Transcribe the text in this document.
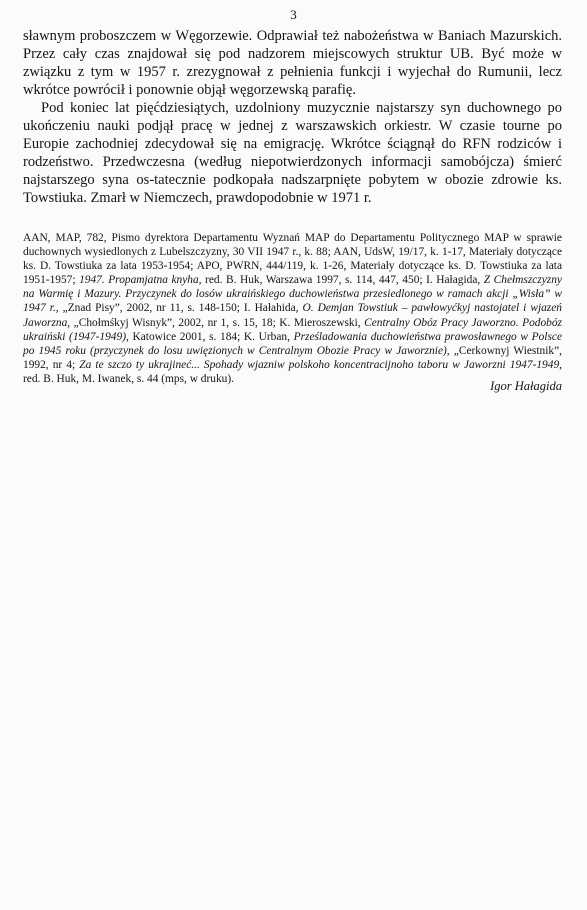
3

sławnym proboszczem w Węgorzewie. Odprawiał też nabożeństwa w Baniach Mazurskich. Przez cały czas znajdował się pod nadzorem miejscowych struktur UB. Być może w związku z tym w 1957 r. zrezygnował z pełnienia funkcji i wyjechał do Rumunii, lecz wkrótce powrócił i ponownie objął węgorzewską parafię.

Pod koniec lat pięćdziesiątych, uzdolniony muzycznie najstarszy syn duchownego po ukończeniu nauki podjął pracę w jednej z warszawskich orkiestr. W czasie tourne po Europie zachodniej zdecydował się na emigrację. Wkrótce ściągnął do RFN rodziców i rodzeństwo. Przedwczesna (według niepotwierdzonych informacji samobójcza) śmierć najstarszego syna os-tatecznie podkopała nadszarpnięte pobytem w obozie zdrowie ks. Towstiuka. Zmarł w Niemczech, prawdopodobnie w 1971 r.

AAN, MAP, 782, Pismo dyrektora Departamentu Wyznań MAP do Departamentu Politycznego MAP w sprawie duchownych wysiedlonych z Lubelszczyzny, 30 VII 1947 r., k. 88; AAN, UdsW, 19/17, k. 1-17, Materiały dotyczące ks. D. Towstiuka za lata 1953-1954; APO, PWRN, 444/119, k. 1-26, Materiały dotyczące ks. D. Towstiuka za lata 1951-1957; 1947. Propamjatna knyha, red. B. Huk, Warszawa 1997, s. 114, 447, 450; I. Hałagida, Z Chełmszczyzny na Warmię i Mazury. Przyczynek do losów ukraińskiego duchowieństwa przesiedlonego w ramach akcji „Wisła” w 1947 r., „Znad Pisy”, 2002, nr 11, s. 148-150; I. Hałahida, O. Demjan Towstiuk – pawłowyćkyj nastojatel i wjazeń Jaworzna, „Chołmśkyj Wisnyk”, 2002, nr 1, s. 15, 18; K. Mieroszewski, Centralny Obóz Pracy Jaworzno. Podobóz ukraiński (1947-1949), Katowice 2001, s. 184; K. Urban, Prześladowania duchowieństwa prawosławnego w Polsce po 1945 roku (przyczynek do losu uwięzionych w Centralnym Obozie Pracy w Jaworznie), „Cerkownyj Wiestnik”, 1992, nr 4; Za te szczo ty ukrajineć... Spohady wjazniw polskoho koncentracijnoho taboru w Jaworzni 1947-1949, red. B. Huk, M. Iwanek, s. 44 (mps, w druku).
Igor Hałagida
